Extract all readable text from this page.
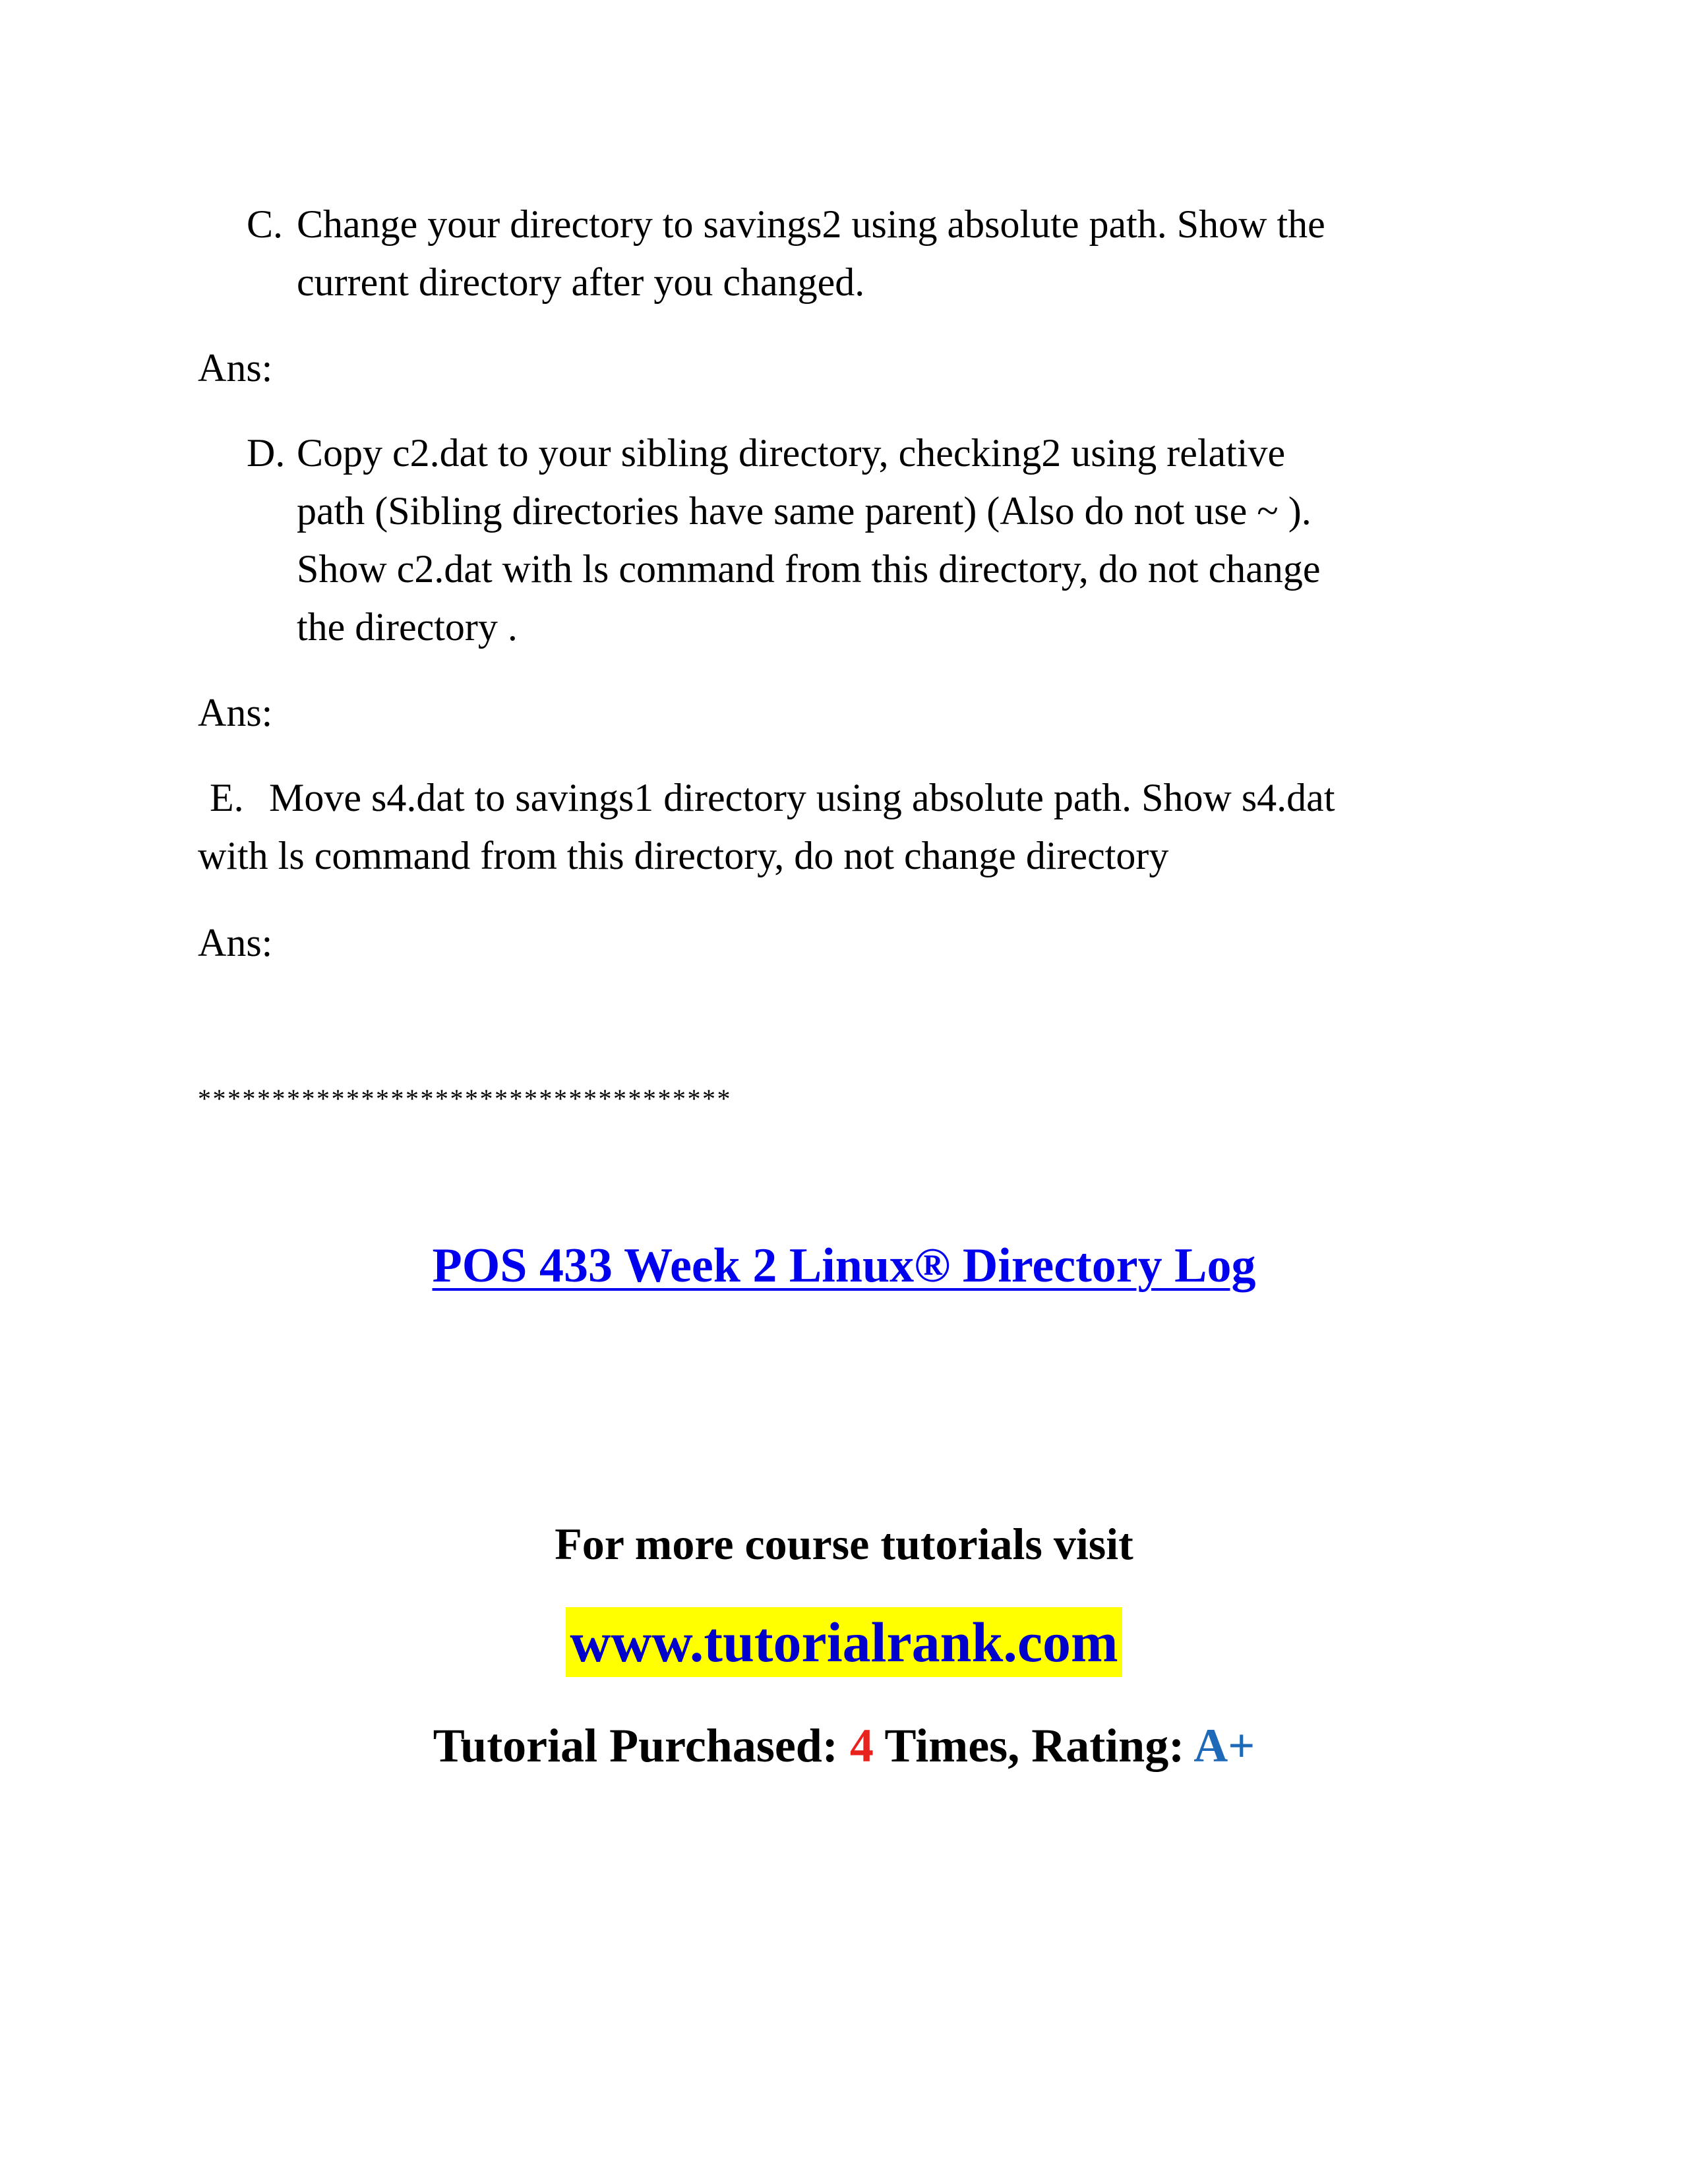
C. Change your directory to savings2 using absolute path. Show the
current directory after you changed.
Ans:
D. Copy c2.dat to your sibling directory, checking2 using relative
path (Sibling directories have same parent) (Also do not use ~ ).
Show c2.dat with ls command from this directory, do not change
the directory .
Ans:
E. Move s4.dat to savings1 directory using absolute path. Show s4.dat
with ls command from this directory, do not change directory
Ans:
************************************
POS 433 Week 2 Linux® Directory Log
For more course tutorials visit
www.tutorialrank.com
Tutorial Purchased: 4 Times, Rating: A+
